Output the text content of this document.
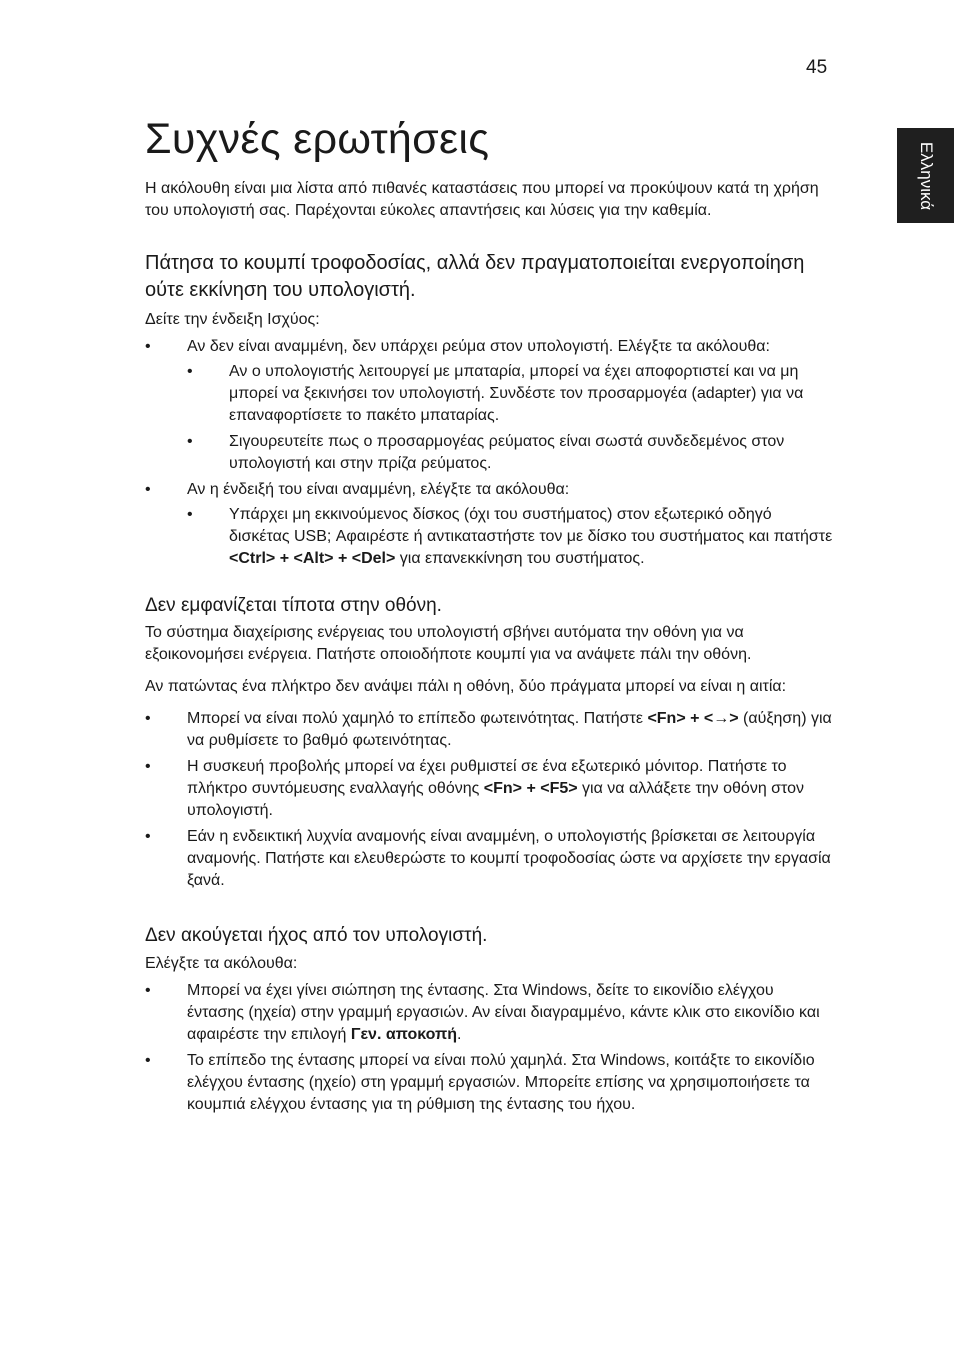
45
Ελληνικά
Συχνές ερωτήσεις

Η ακόλουθη είναι μια λίστα από πιθανές καταστάσεις που μπορεί να προκύψουν κατά τη χρήση του υπολογιστή σας. Παρέχονται εύκολες απαντήσεις και λύσεις για την καθεμία.

Πάτησα το κουμπί τροφοδοσίας, αλλά δεν πραγματοποιείται ενεργοποίηση ούτε εκκίνηση του υπολογιστή.

Δείτε την ένδειξη Ισχύος:

• Αν δεν είναι αναμμένη, δεν υπάρχει ρεύμα στον υπολογιστή. Ελέγξτε τα ακόλουθα:
• Αν ο υπολογιστής λειτουργεί με μπαταρία, μπορεί να έχει αποφορτιστεί και να μη μπορεί να ξεκινήσει τον υπολογιστή. Συνδέστε τον προσαρμογέα (adapter) για να επαναφορτίσετε το πακέτο μπαταρίας.
• Σιγουρευτείτε πως ο προσαρμογέας ρεύματος είναι σωστά συνδεδεμένος στον υπολογιστή και στην πρίζα ρεύματος.
• Αν η ένδειξή του είναι αναμμένη, ελέγξτε τα ακόλουθα:
• Υπάρχει μη εκκινούμενος δίσκος (όχι του συστήματος) στον εξωτερικό οδηγό δισκέτας USB; Αφαιρέστε ή αντικαταστήστε τον με δίσκο του συστήματος και πατήστε <Ctrl> + <Alt> + <Del> για επανεκκίνηση του συστήματος.
Δεν εμφανίζεται τίποτα στην οθόνη.

Το σύστημα διαχείρισης ενέργειας του υπολογιστή σβήνει αυτόματα την οθόνη για να εξοικονομήσει ενέργεια. Πατήστε οποιοδήποτε κουμπί για να ανάψετε πάλι την οθόνη.

Αν πατώντας ένα πλήκτρο δεν ανάψει πάλι η οθόνη, δύο πράγματα μπορεί να είναι η αιτία:

• Μπορεί να είναι πολύ χαμηλό το επίπεδο φωτεινότητας. Πατήστε <Fn> + <→> (αύξηση) για να ρυθμίσετε το βαθμό φωτεινότητας.
• Η συσκευή προβολής μπορεί να έχει ρυθμιστεί σε ένα εξωτερικό μόνιτορ. Πατήστε το πλήκτρο συντόμευσης εναλλαγής οθόνης <Fn> + <F5> για να αλλάξετε την οθόνη στον υπολογιστή.
• Εάν η ενδεικτική λυχνία αναμονής είναι αναμμένη, ο υπολογιστής βρίσκεται σε λειτουργία αναμονής. Πατήστε και ελευθερώστε το κουμπί τροφοδοσίας ώστε να αρχίσετε την εργασία ξανά.
Δεν ακούγεται ήχος από τον υπολογιστή.

Ελέγξτε τα ακόλουθα:

• Μπορεί να έχει γίνει σιώπηση της έντασης. Στα Windows, δείτε το εικονίδιο ελέγχου έντασης (ηχεία) στην γραμμή εργασιών. Αν είναι διαγραμμένο, κάντε κλικ στο εικονίδιο και αφαιρέστε την επιλογή Γεν. αποκοπή.
• Το επίπεδο της έντασης μπορεί να είναι πολύ χαμηλά. Στα Windows, κοιτάξτε το εικονίδιο ελέγχου έντασης (ηχείο) στη γραμμή εργασιών. Μπορείτε επίσης να χρησιμοποιήσετε τα κουμπιά ελέγχου έντασης για τη ρύθμιση της έντασης του ήχου.
